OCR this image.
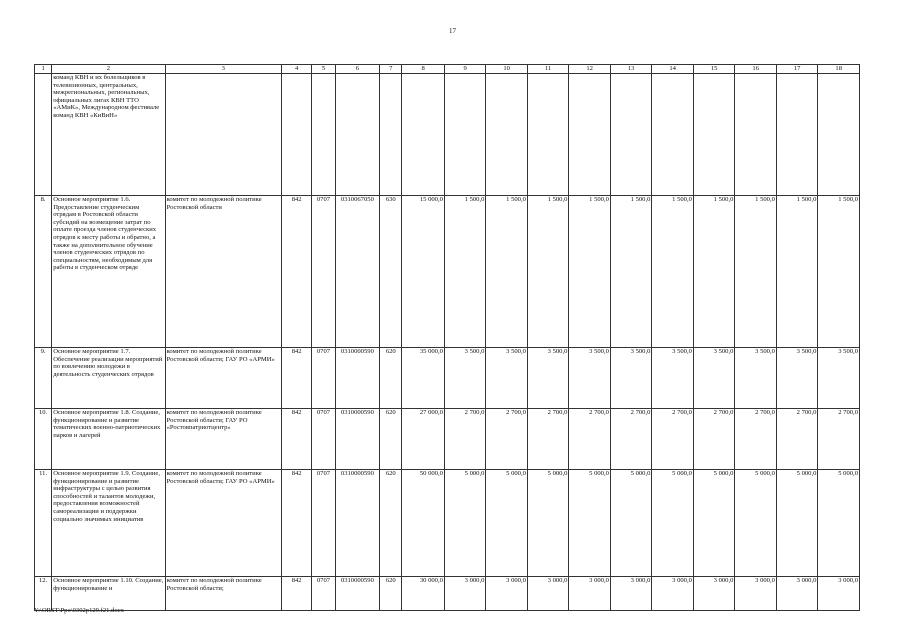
17
1	2	3	4	5	6	7	8	9	10	11	12	13	14	15	16	17	18
	команд КВН и их болельщиков в телевизионных, центральных, межрегиональных, региональных, официальных лигах КВН ТТО «АМиК», Международном фестивале команд КВН «КиВиН»																
8.	Основное мероприятие 1.6. Предоставление студенческим отрядам в Ростовской области субсидий на возмещение затрат по оплате проезда членов студенческих отрядов к месту работы и обратно, а также на дополнительное обучение членов студенческих отрядов по специальностям, необходимым для работы в студенческом отряде	комитет по молодежной политике Ростовской области	842	0707	0310067050	630	15 000,0	1 500,0	1 500,0	1 500,0	1 500,0	1 500,0	1 500,0	1 500,0	1 500,0	1 500,0	1 500,0
9.	Основное мероприятие 1.7. Обеспечение реализации мероприятий по вовлечению молодежи в деятельность студенческих отрядов	комитет по молодежной политике Ростовской области; ГАУ РО «АРМИ»	842	0707	0310000590	620	35 000,0	3 500,0	3 500,0	3 500,0	3 500,0	3 500,0	3 500,0	3 500,0	3 500,0	3 500,0	3 500,0
10.	Основное мероприятие 1.8. Создание, функционирование и развитие тематических военно-патриотических парков и лагерей	комитет по молодежной политике Ростовской области; ГАУ РО «Ростовпатриотцентр»	842	0707	0310000590	620	27 000,0	2 700,0	2 700,0	2 700,0	2 700,0	2 700,0	2 700,0	2 700,0	2 700,0	2 700,0	2 700,0
11.	Основное мероприятие 1.9. Создание, функционирование и развитие инфраструктуры с целью развития способностей и талантов молодежи, предоставления возможностей самореализации и поддержки социально значимых инициатив	комитет по молодежной политике Ростовской области; ГАУ РО «АРМИ»	842	0707	0310000590	620	50 000,0	5 000,0	5 000,0	5 000,0	5 000,0	5 000,0	5 000,0	5 000,0	5 000,0	5 000,0	5 000,0
12.	Основное мероприятие 1.10. Создание, функционирование и	комитет по молодежной политике Ростовской области;	842	0707	0310000590	620	30 000,0	3 000,0	3 000,0	3 000,0	3 000,0	3 000,0	3 000,0	3 000,0	3 000,0	3 000,0	3 000,0
Y:\ORST\Ppo\0302p129.f21.docx
